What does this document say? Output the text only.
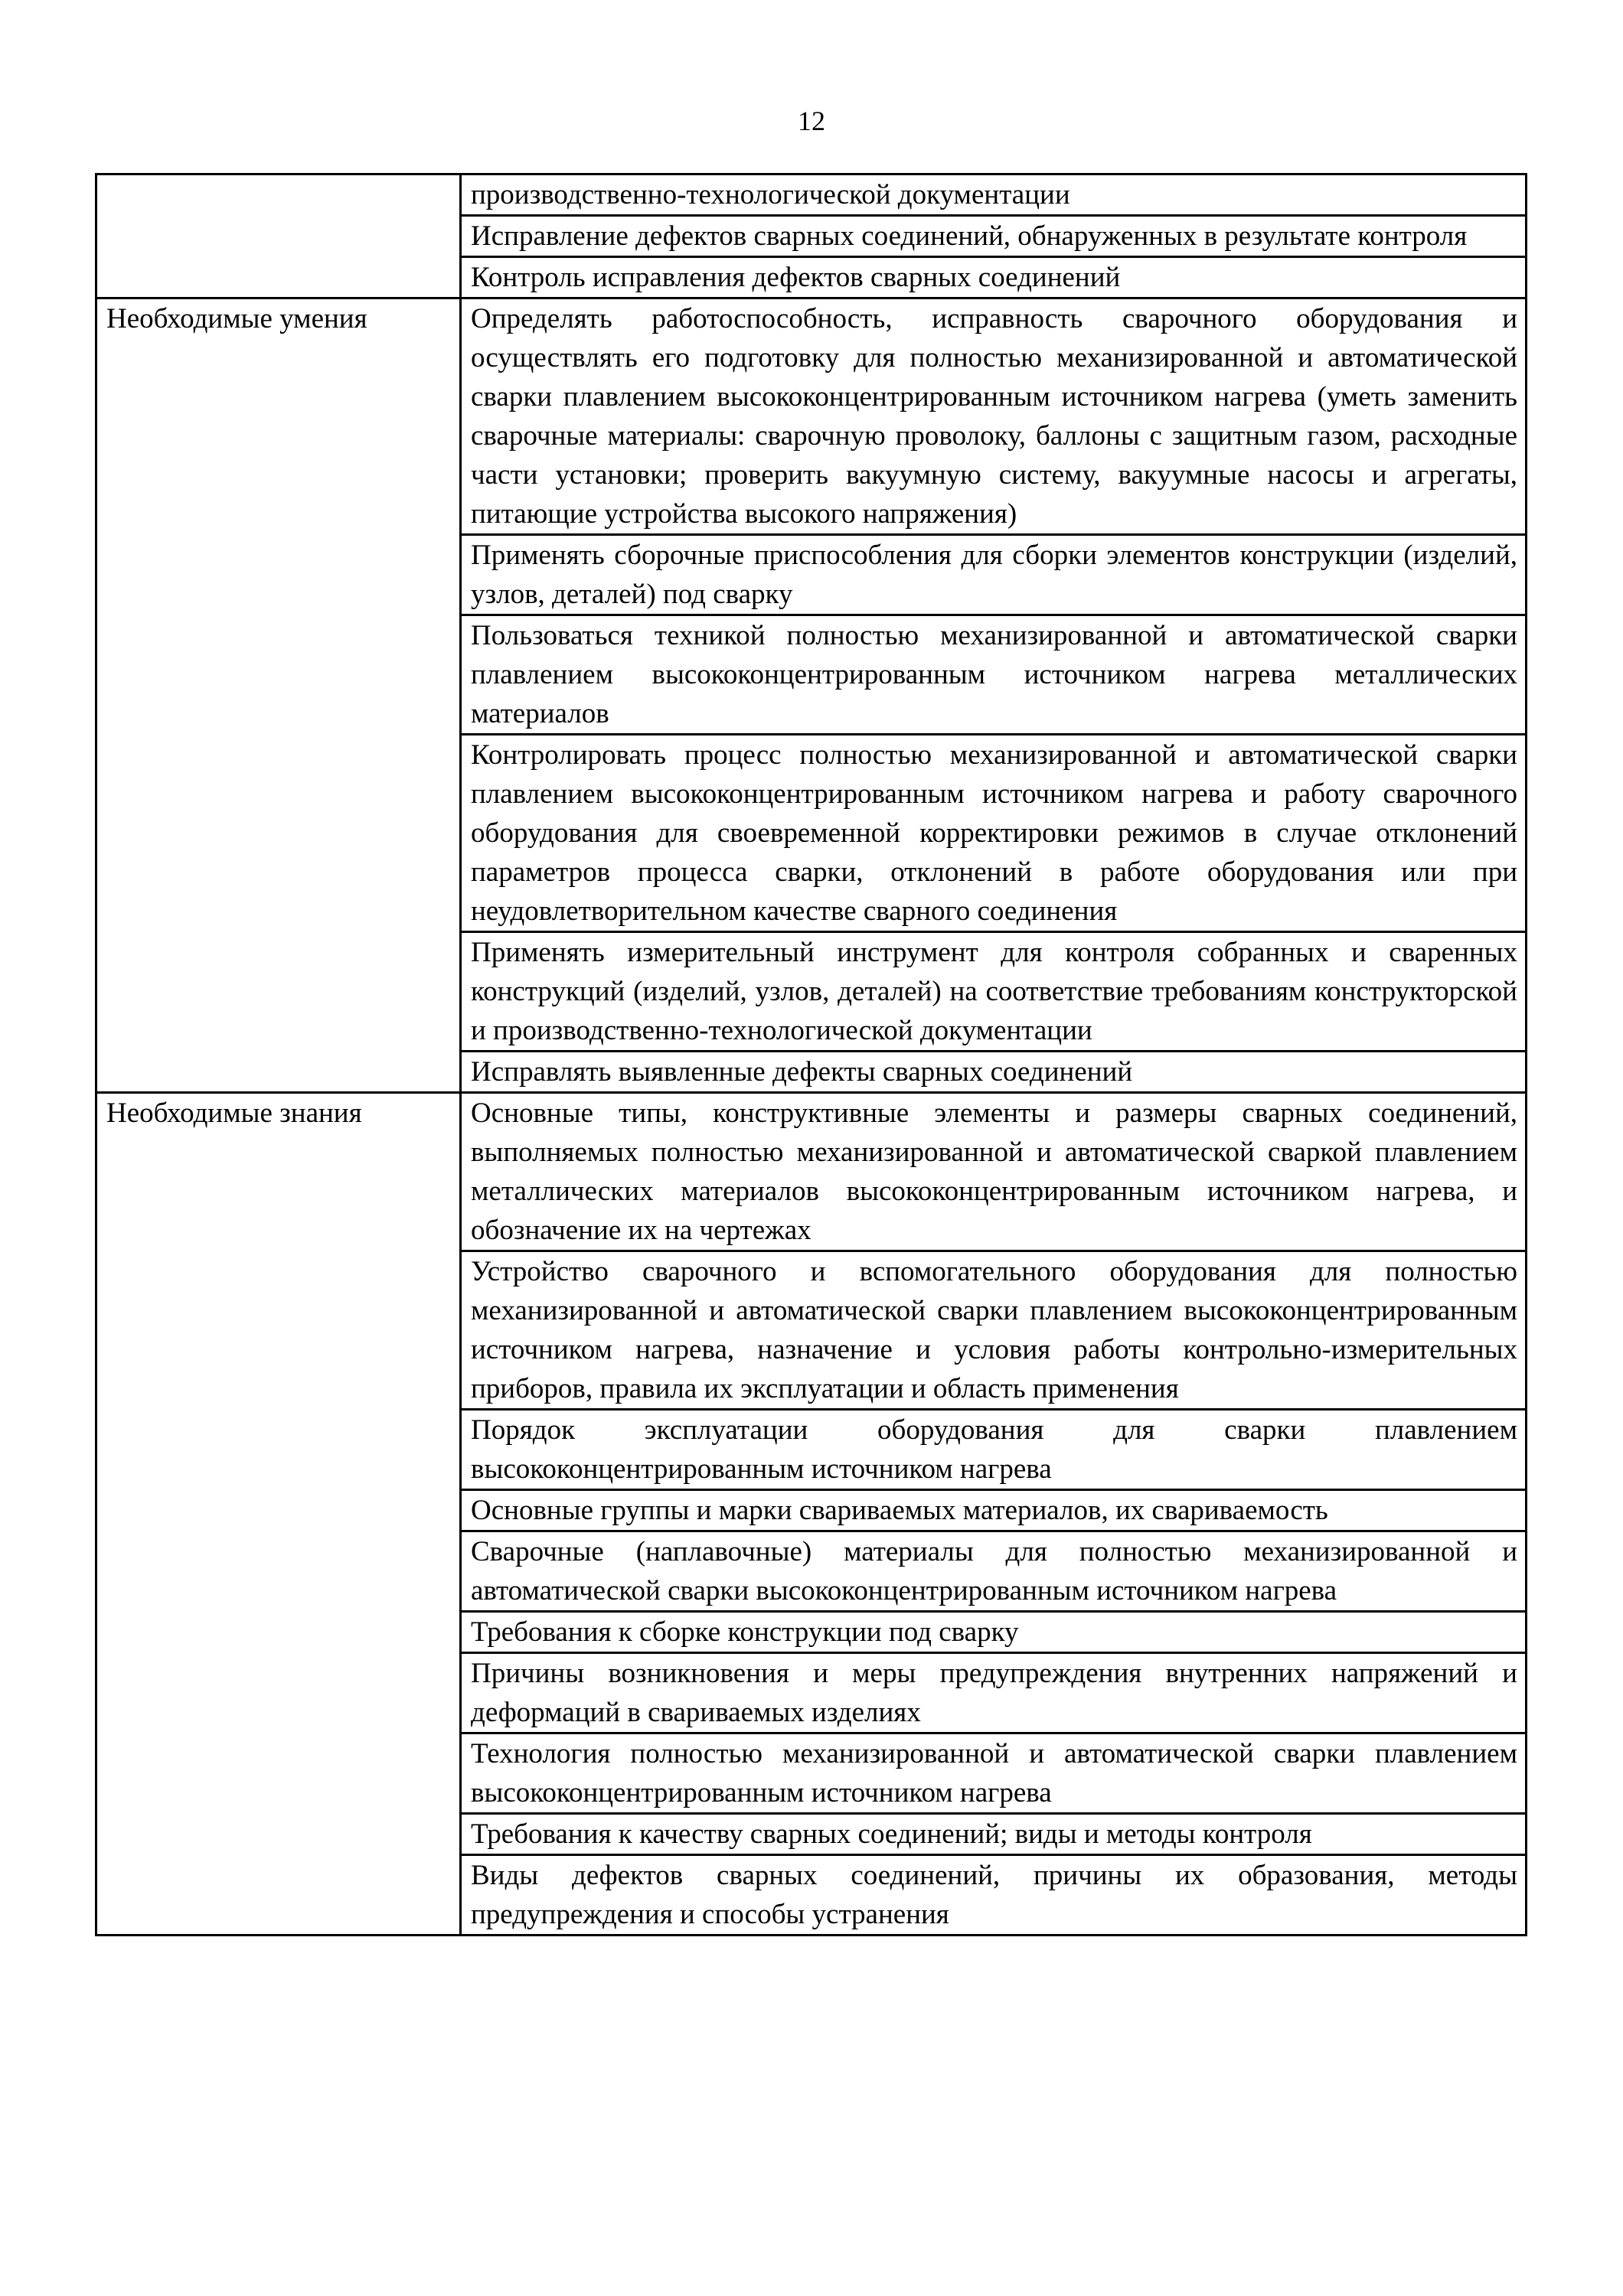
12
	производственно-технологической документации
	Исправление дефектов сварных соединений, обнаруженных в результате контроля
	Контроль исправления дефектов сварных соединений
Необходимые умения	Определять работоспособность, исправность сварочного оборудования и осуществлять его подготовку для полностью механизированной и автоматической сварки плавлением высококонцентрированным источником нагрева (уметь заменить сварочные материалы: сварочную проволоку, баллоны с защитным газом, расходные части установки; проверить вакуумную систему, вакуумные насосы и агрегаты, питающие устройства высокого напряжения)
	Применять сборочные приспособления для сборки элементов конструкции (изделий, узлов, деталей) под сварку
	Пользоваться техникой полностью механизированной и автоматической сварки плавлением высококонцентрированным источником нагрева металлических материалов
	Контролировать процесс полностью механизированной и автоматической сварки плавлением высококонцентрированным источником нагрева и работу сварочного оборудования для своевременной корректировки режимов в случае отклонений параметров процесса сварки, отклонений в работе оборудования или при неудовлетворительном качестве сварного соединения
	Применять измерительный инструмент для контроля собранных и сваренных конструкций (изделий, узлов, деталей) на соответствие требованиям конструкторской и производственно-технологической документации
	Исправлять выявленные дефекты сварных соединений
Необходимые знания	Основные типы, конструктивные элементы и размеры сварных соединений, выполняемых полностью механизированной и автоматической сваркой плавлением металлических материалов высококонцентрированным источником нагрева, и обозначение их на чертежах
	Устройство сварочного и вспомогательного оборудования для полностью механизированной и автоматической сварки плавлением высококонцентрированным источником нагрева, назначение и условия работы контрольно-измерительных приборов, правила их эксплуатации и область применения
	Порядок эксплуатации оборудования для сварки плавлением высококонцентрированным источником нагрева
	Основные группы и марки свариваемых материалов, их свариваемость
	Сварочные (наплавочные) материалы для полностью механизированной и автоматической сварки высококонцентрированным источником нагрева
	Требования к сборке конструкции под сварку
	Причины возникновения и меры предупреждения внутренних напряжений и деформаций в свариваемых изделиях
	Технология полностью механизированной и автоматической сварки плавлением высококонцентрированным источником нагрева
	Требования к качеству сварных соединений; виды и методы контроля
	Виды дефектов сварных соединений, причины их образования, методы предупреждения и способы устранения
